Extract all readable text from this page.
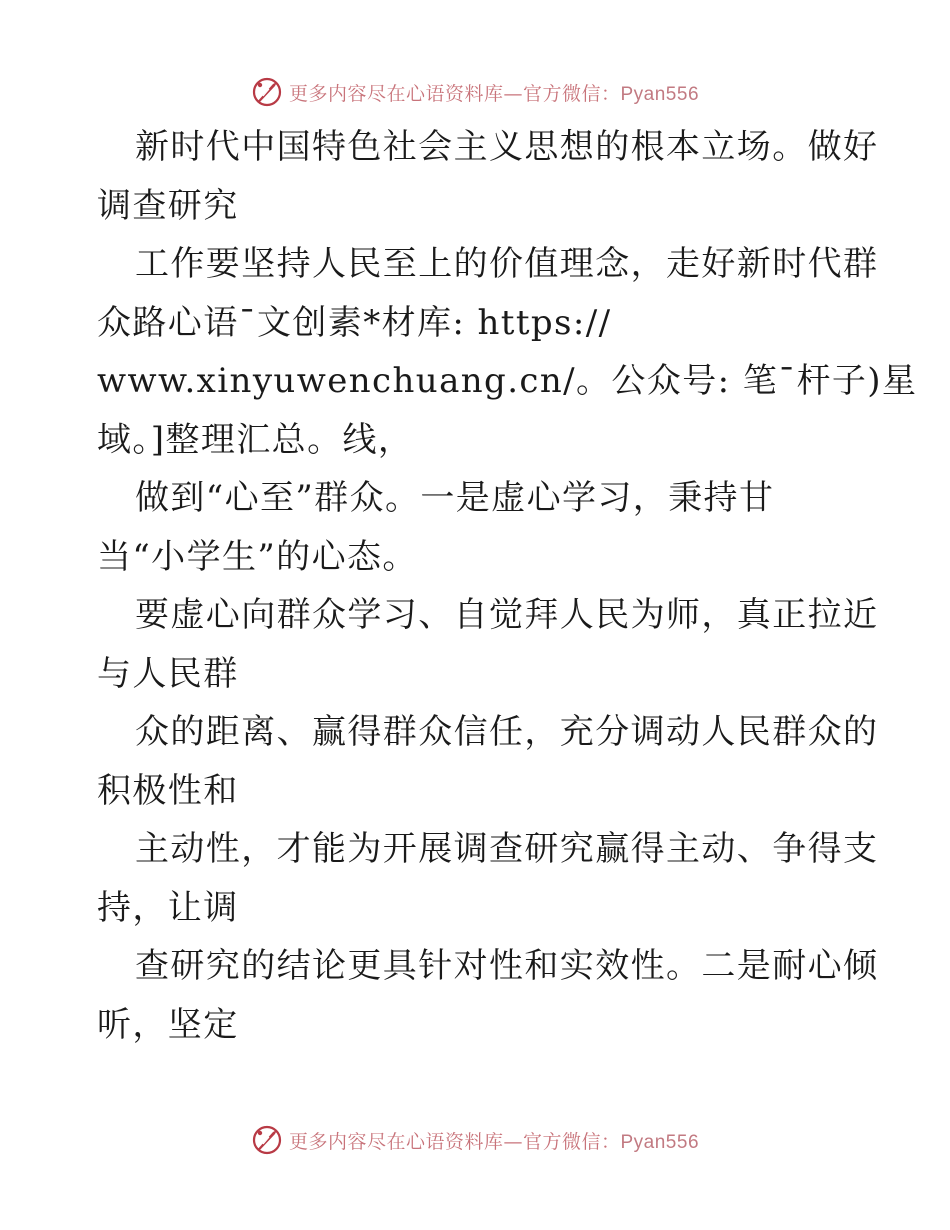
更多内容尽在心语资料库—官方微信：Pyan556
新时代中国特色社会主义思想的根本立场。做好
调查研究
工作要坚持人民至上的价值理念，走好新时代群
众路心语¯文创素*材库: https://
www.xinyuwenchuang.cn/。公众号: 笔¯杆子)星
域。]整理汇总。线，
做到“心至”群众。一是虚心学习，秉持甘
当“小学生”的心态。
要虚心向群众学习、自觉拜人民为师，真正拉近
与人民群
众的距离、赢得群众信任，充分调动人民群众的
积极性和
主动性，才能为开展调查研究赢得主动、争得支
持，让调
查研究的结论更具针对性和实效性。二是耐心倾
听，坚定
更多内容尽在心语资料库—官方微信：Pyan556
